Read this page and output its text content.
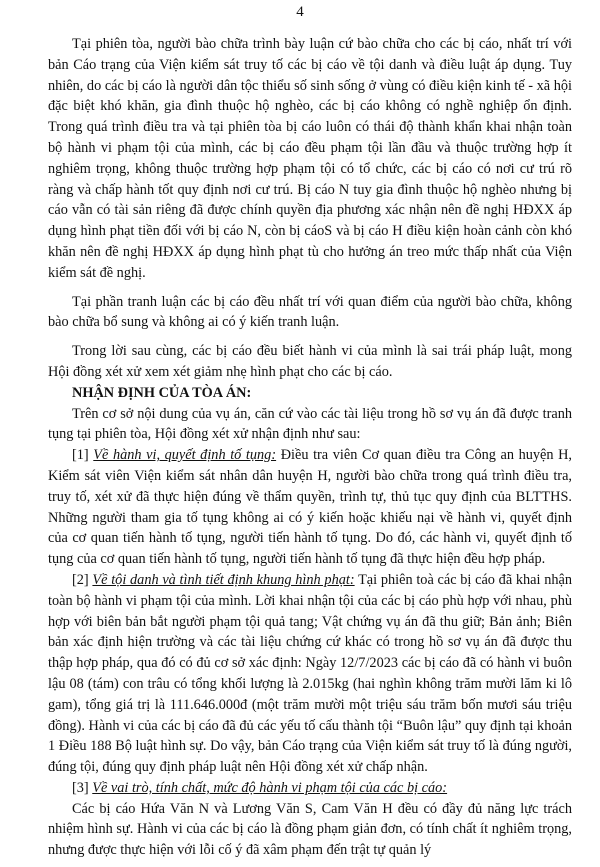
4

Tại phiên tòa, người bào chữa trình bày luận cứ bào chữa cho các bị cáo, nhất trí với bản Cáo trạng của Viện kiểm sát truy tố các bị cáo về tội danh và điều luật áp dụng. Tuy nhiên, do các bị cáo là người dân tộc thiểu số sinh sống ở vùng có điều kiện kinh tế - xã hội đặc biệt khó khăn, gia đình thuộc hộ nghèo, các bị cáo không có nghề nghiệp ổn định. Trong quá trình điều tra và tại phiên tòa bị cáo luôn có thái độ thành khẩn khai nhận toàn bộ hành vi phạm tội của mình, các bị cáo đều phạm tội lần đầu và thuộc trường hợp ít nghiêm trọng, không thuộc trường hợp phạm tội có tổ chức, các bị cáo có nơi cư trú rõ ràng và chấp hành tốt quy định nơi cư trú. Bị cáo N tuy gia đình thuộc hộ nghèo nhưng bị cáo vẫn có tài sản riêng đã được chính quyền địa phương xác nhận nên đề nghị HĐXX áp dụng hình phạt tiền đối với bị cáo N, còn bị cáoS và bị cáo H điều kiện hoàn cảnh còn khó khăn nên đề nghị HĐXX áp dụng hình phạt tù cho hưởng án treo mức thấp nhất của Viện kiểm sát đề nghị.

Tại phần tranh luận các bị cáo đều nhất trí với quan điểm của người bào chữa, không bào chữa bổ sung và không ai có ý kiến tranh luận.

Trong lời sau cùng, các bị cáo đều biết hành vi của mình là sai trái pháp luật, mong Hội đồng xét xử xem xét giảm nhẹ hình phạt cho các bị cáo.

NHẬN ĐỊNH CỦA TÒA ÁN:

Trên cơ sở nội dung của vụ án, căn cứ vào các tài liệu trong hồ sơ vụ án đã được tranh tụng tại phiên tòa, Hội đồng xét xử nhận định như sau:

[1] Về hành vi, quyết định tố tụng: Điều tra viên Cơ quan điều tra Công an huyện H, Kiểm sát viên Viện kiểm sát nhân dân huyện H, người bào chữa trong quá trình điều tra, truy tố, xét xử đã thực hiện đúng về thẩm quyền, trình tự, thủ tục quy định của BLTTHS. Những người tham gia tố tụng không ai có ý kiến hoặc khiếu nại về hành vi, quyết định của cơ quan tiến hành tố tụng, người tiến hành tố tụng. Do đó, các hành vi, quyết định tố tụng của cơ quan tiến hành tố tụng, người tiến hành tố tụng đã thực hiện đều hợp pháp.

[2] Về tội danh và tình tiết định khung hình phạt: Tại phiên toà các bị cáo đã khai nhận toàn bộ hành vi phạm tội của mình. Lời khai nhận tội của các bị cáo phù hợp với nhau, phù hợp với biên bản bắt người phạm tội quả tang; Vật chứng vụ án đã thu giữ; Bản ảnh; Biên bản xác định hiện trường và các tài liệu chứng cứ khác có trong hồ sơ vụ án đã được thu thập hợp pháp, qua đó có đủ cơ sở xác định: Ngày 12/7/2023 các bị cáo đã có hành vi buôn lậu 08 (tám) con trâu có tổng khối lượng là 2.015kg (hai nghìn không trăm mười lăm ki lô gam), tổng giá trị là 111.646.000đ (một trăm mười một triệu sáu trăm bốn mươi sáu triệu đồng). Hành vi của các bị cáo đã đủ các yếu tố cấu thành tội “Buôn lậu” quy định tại khoản 1 Điều 188 Bộ luật hình sự. Do vậy, bản Cáo trạng của Viện kiểm sát truy tố là đúng người, đúng tội, đúng quy định pháp luật nên Hội đồng xét xử chấp nhận.

[3] Về vai trò, tính chất, mức độ hành vi phạm tội của các bị cáo:

Các bị cáo Hứa Văn N và Lương Văn S, Cam Văn H đều có đầy đủ năng lực trách nhiệm hình sự. Hành vi của các bị cáo là đồng phạm giản đơn, có tính chất ít nghiêm trọng, nhưng được thực hiện với lỗi cố ý đã xâm phạm đến trật tự quản lý
